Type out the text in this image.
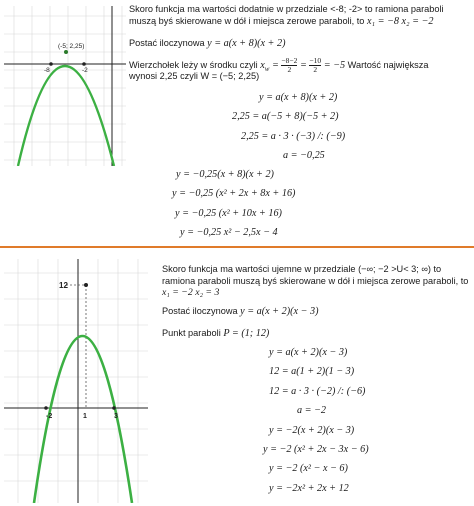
(-5; 2,25)
-8	-2
Skoro funkcja ma wartości dodatnie w przedziale <-8; -2> to ramiona paraboli
muszą byś skierowane w dół i miejsca zerowe paraboli, to x₁ = −8 x₂ = −2
Postać iloczynowa y = a(x + 8)(x + 2)
Wierzchołek leży w środku czyli $x_w = \frac{-8-2}{2} = \frac{-10}{2} = -5$ Wartość największa
wynosi 2,25 czyli W = (−5; 2,25)
y = a(x + 8)(x + 2)
2,25 = a(−5 + 8)(−5 + 2)
2,25 = a · 3 · (−3) /: (−9)
a = −0,25
y = −0,25(x + 8)(x + 2)
y = −0,25 (x² + 2x + 8x + 16)
y = −0,25 (x² + 10x + 16)
y = −0,25 x² − 2,5x − 4
12
-2	1	3
Skoro funkcja ma wartości ujemne w przedziale (−∞; −2 >U< 3; ∞) to
ramiona paraboli muszą byś skierowane w dół i miejsca zerowe paraboli, to
x₁ = −2 x₂ = 3
Postać iloczynowa y = a(x + 2)(x − 3)
Punkt paraboli P = (1; 12)
y = a(x + 2)(x − 3)
12 = a(1 + 2)(1 − 3)
12 = a · 3 · (−2) /: (−6)
a = −2
y = −2(x + 2)(x − 3)
y = −2 (x² + 2x − 3x − 6)
y = −2 (x² − x − 6)
y = −2x² + 2x + 12
